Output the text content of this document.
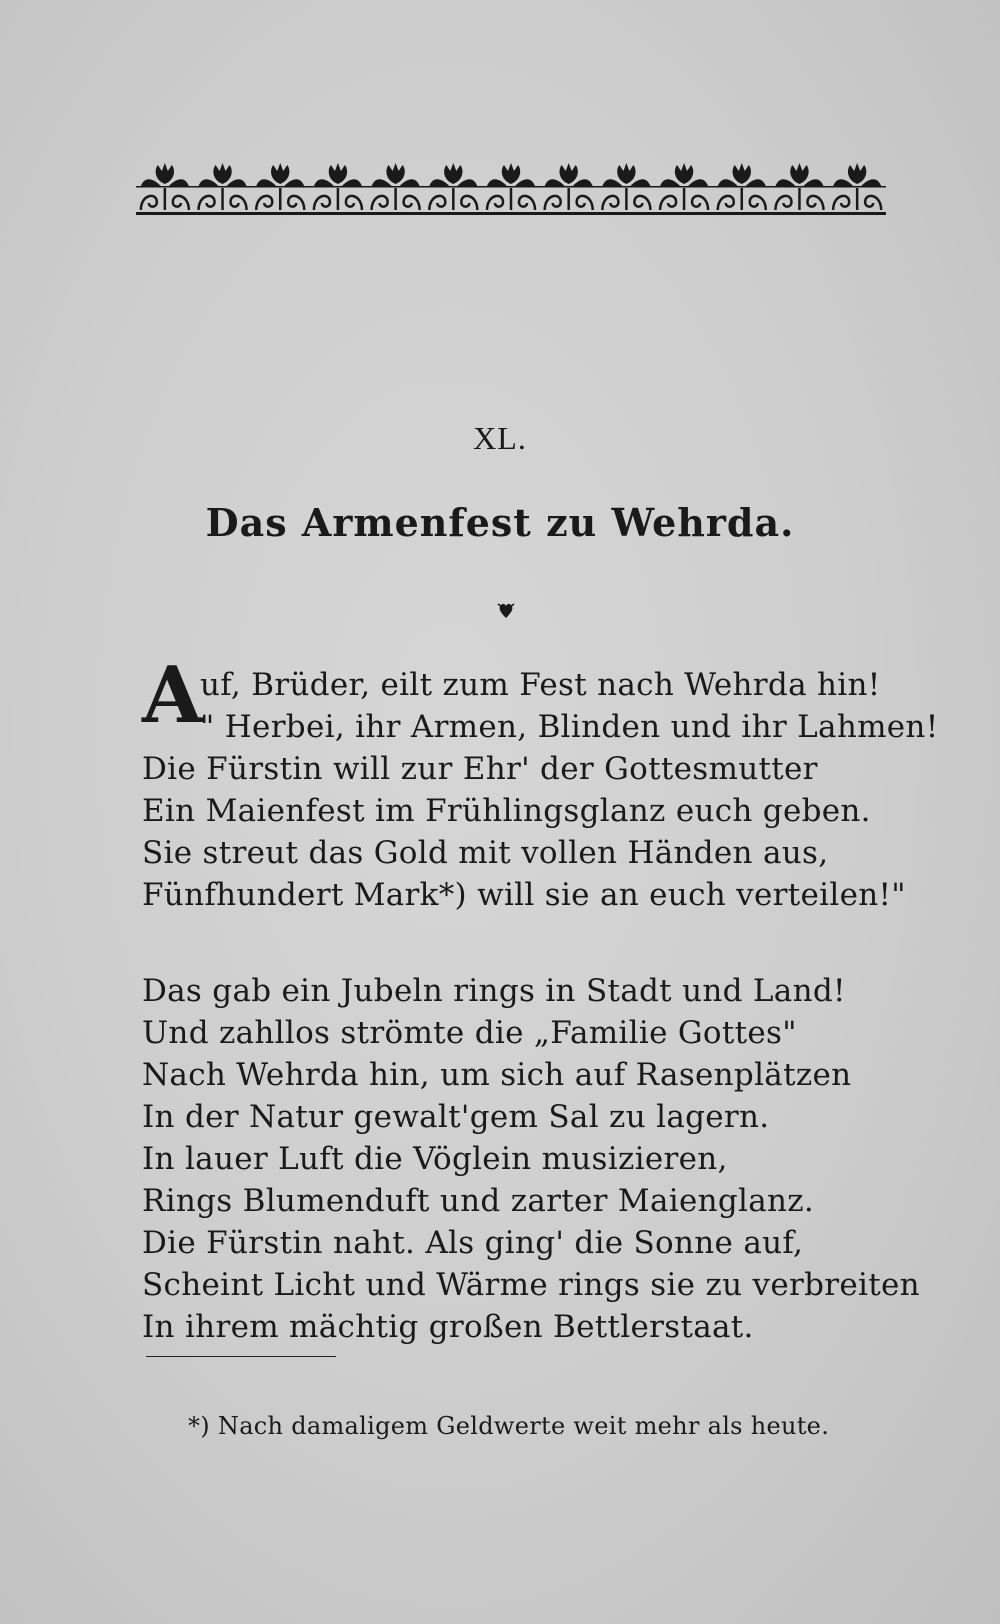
XL.
Das Armenfest zu Wehrda.
A
uf, Brüder, eilt zum Fest nach Wehrda hin!
" Herbei, ihr Armen, Blinden und ihr Lahmen!
Die Fürstin will zur Ehr' der Gottesmutter
Ein Maienfest im Frühlingsglanz euch geben.
Sie streut das Gold mit vollen Händen aus,
Fünfhundert Mark*) will sie an euch verteilen!"
Das gab ein Jubeln rings in Stadt und Land!
Und zahllos strömte die „Familie Gottes"
Nach Wehrda hin, um sich auf Rasenplätzen
In der Natur gewalt'gem Sal zu lagern.
In lauer Luft die Vöglein musizieren,
Rings Blumenduft und zarter Maienglanz.
Die Fürstin naht. Als ging' die Sonne auf,
Scheint Licht und Wärme rings sie zu verbreiten
In ihrem mächtig großen Bettlerstaat.
*) Nach damaligem Geldwerte weit mehr als heute.
